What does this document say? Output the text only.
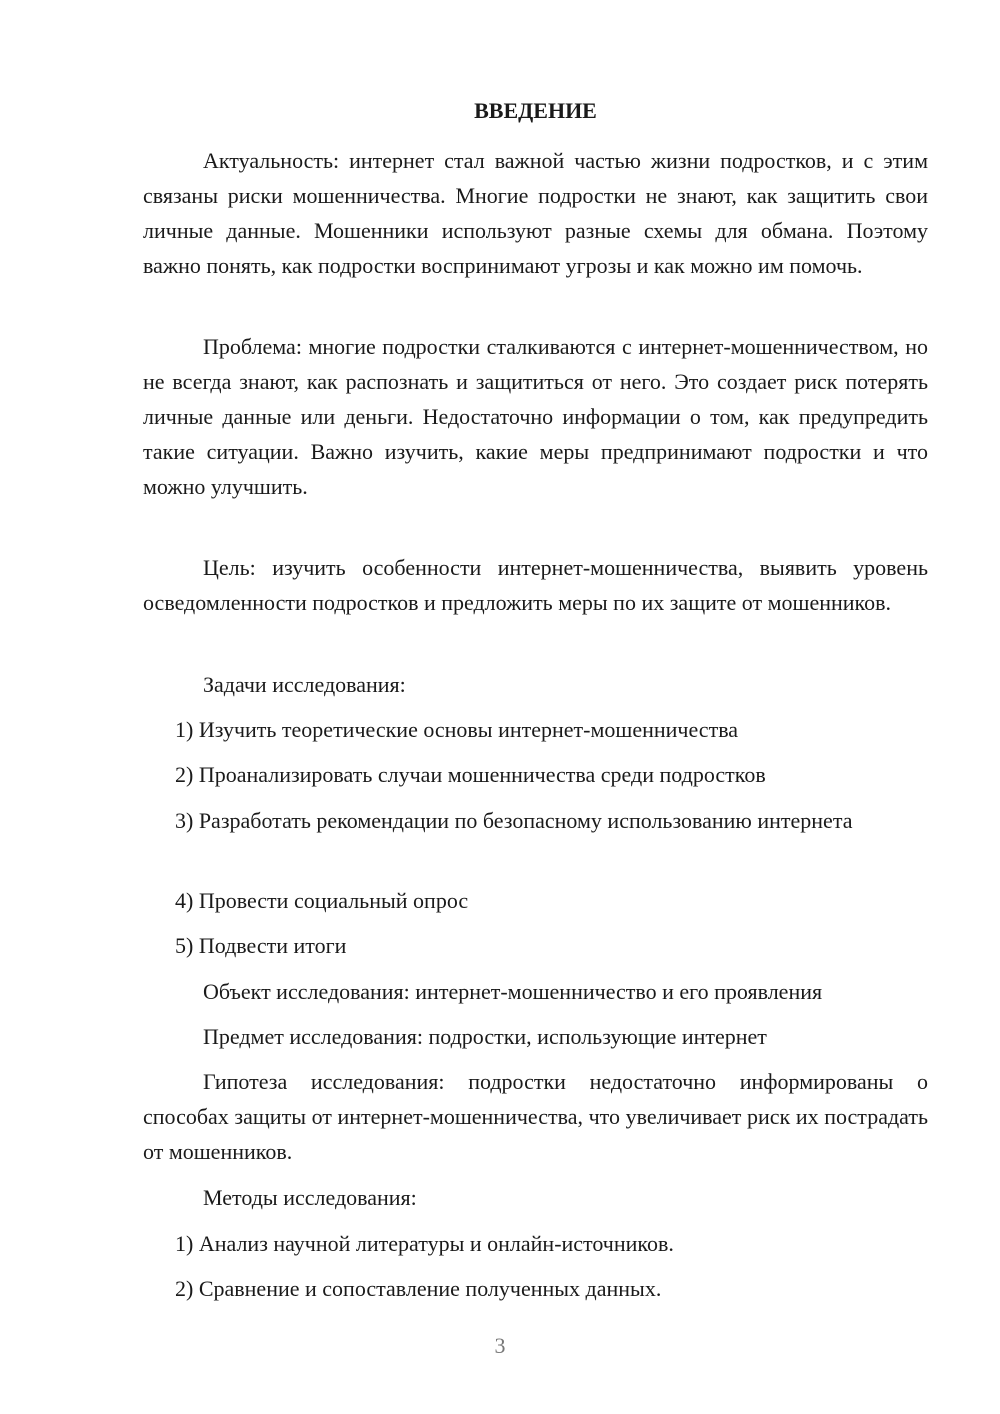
ВВЕДЕНИЕ

Актуальность: интернет стал важной частью жизни подростков, и с этим связаны риски мошенничества. Многие подростки не знают, как защитить свои личные данные. Мошенники используют разные схемы для обмана. Поэтому важно понять, как подростки воспринимают угрозы и как можно им помочь.

Проблема: многие подростки сталкиваются с интернет-мошенничеством, но не всегда знают, как распознать и защититься от него. Это создает риск потерять личные данные или деньги. Недостаточно информации о том, как предупредить такие ситуации. Важно изучить, какие меры предпринимают подростки и что можно улучшить.

Цель: изучить особенности интернет-мошенничества, выявить уровень осведомленности подростков и предложить меры по их защите от мошенников.

Задачи исследования:

1) Изучить теоретические основы интернет-мошенничества

2) Проанализировать случаи мошенничества среди подростков

3) Разработать рекомендации по безопасному использованию интернета

4) Провести социальный опрос

5) Подвести итоги

Объект исследования: интернет-мошенничество и его проявления

Предмет исследования: подростки, использующие интернет

Гипотеза исследования: подростки недостаточно информированы о способах защиты от интернет-мошенничества, что увеличивает риск их пострадать от мошенников.

Методы исследования:

1) Анализ научной литературы и онлайн-источников.

2) Сравнение и сопоставление полученных данных.

3
